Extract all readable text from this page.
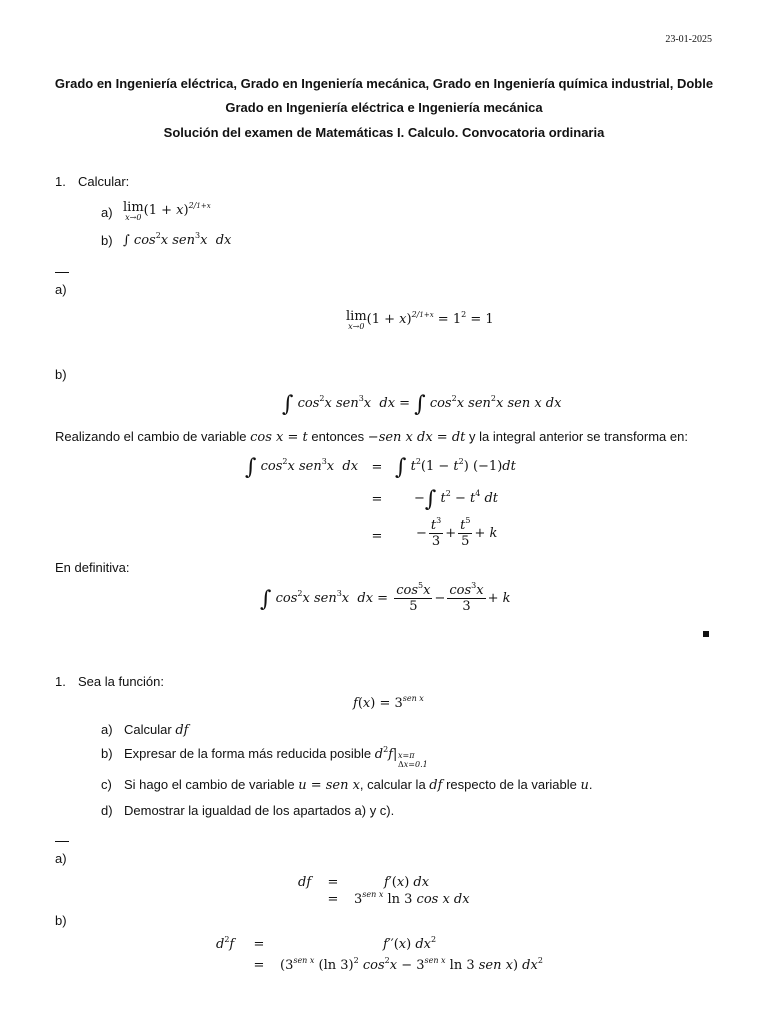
23-01-2025
Grado en Ingeniería eléctrica, Grado en Ingeniería mecánica, Grado en Ingeniería química industrial, Doble
Grado en Ingeniería eléctrica e Ingeniería mecánica
Solución del examen de Matemáticas I. Calculo. Convocatoria ordinaria
1. Calcular:
a) lim
x→0 $(1 + x)^{2/1+x}$
b) ∫ $\cos^2x$ sen$^3$x  dx
a)
lim
x→0 $(1 + x)^{2/1+x} = 1^2 = 1$
b)
∫ $\cos^2x$ sen$^3$x  dx = ∫ $\cos^2x$ sen$^2$x sen x dx
Realizando el cambio de variable cos x = t entonces −sen x dx = dt y la integral anterior se transforma en:
∫ $\cos^2x$ sen$^3$x  dx	= ∫ $t^2(1 - t^2)$ (−1)dt
=	−∫ $t^2 - t^4$ dt
=	− $\frac{t^3}{3} + \frac{t^5}{5} + k$
En definitiva:
∫ $\cos^2x$ sen$^3$x  dx = $\frac{\cos^5x}{5} - \frac{\cos^3x}{3} + k$
1. Sea la función:
$f(x) = 3^{sen x}$
a) Calcular df
b) Expresar de la forma más reducida posible $d^2f|$ x=π
Δx=0.1
c) Si hago el cambio de variable u = sen x, calcular la df respecto de la variable u.
d) Demostrar la igualdad de los apartados a) y c).
a)
df	=	f′(x) dx
=	$3^{sen x}$ ln 3 cos x dx
b)
$d^2f$	=	f′′(x) $dx^2$
=	($3^{sen x}$ (ln 3)$^2$ $\cos^2x - 3^{sen x}$ ln 3 sen x) $dx^2$
